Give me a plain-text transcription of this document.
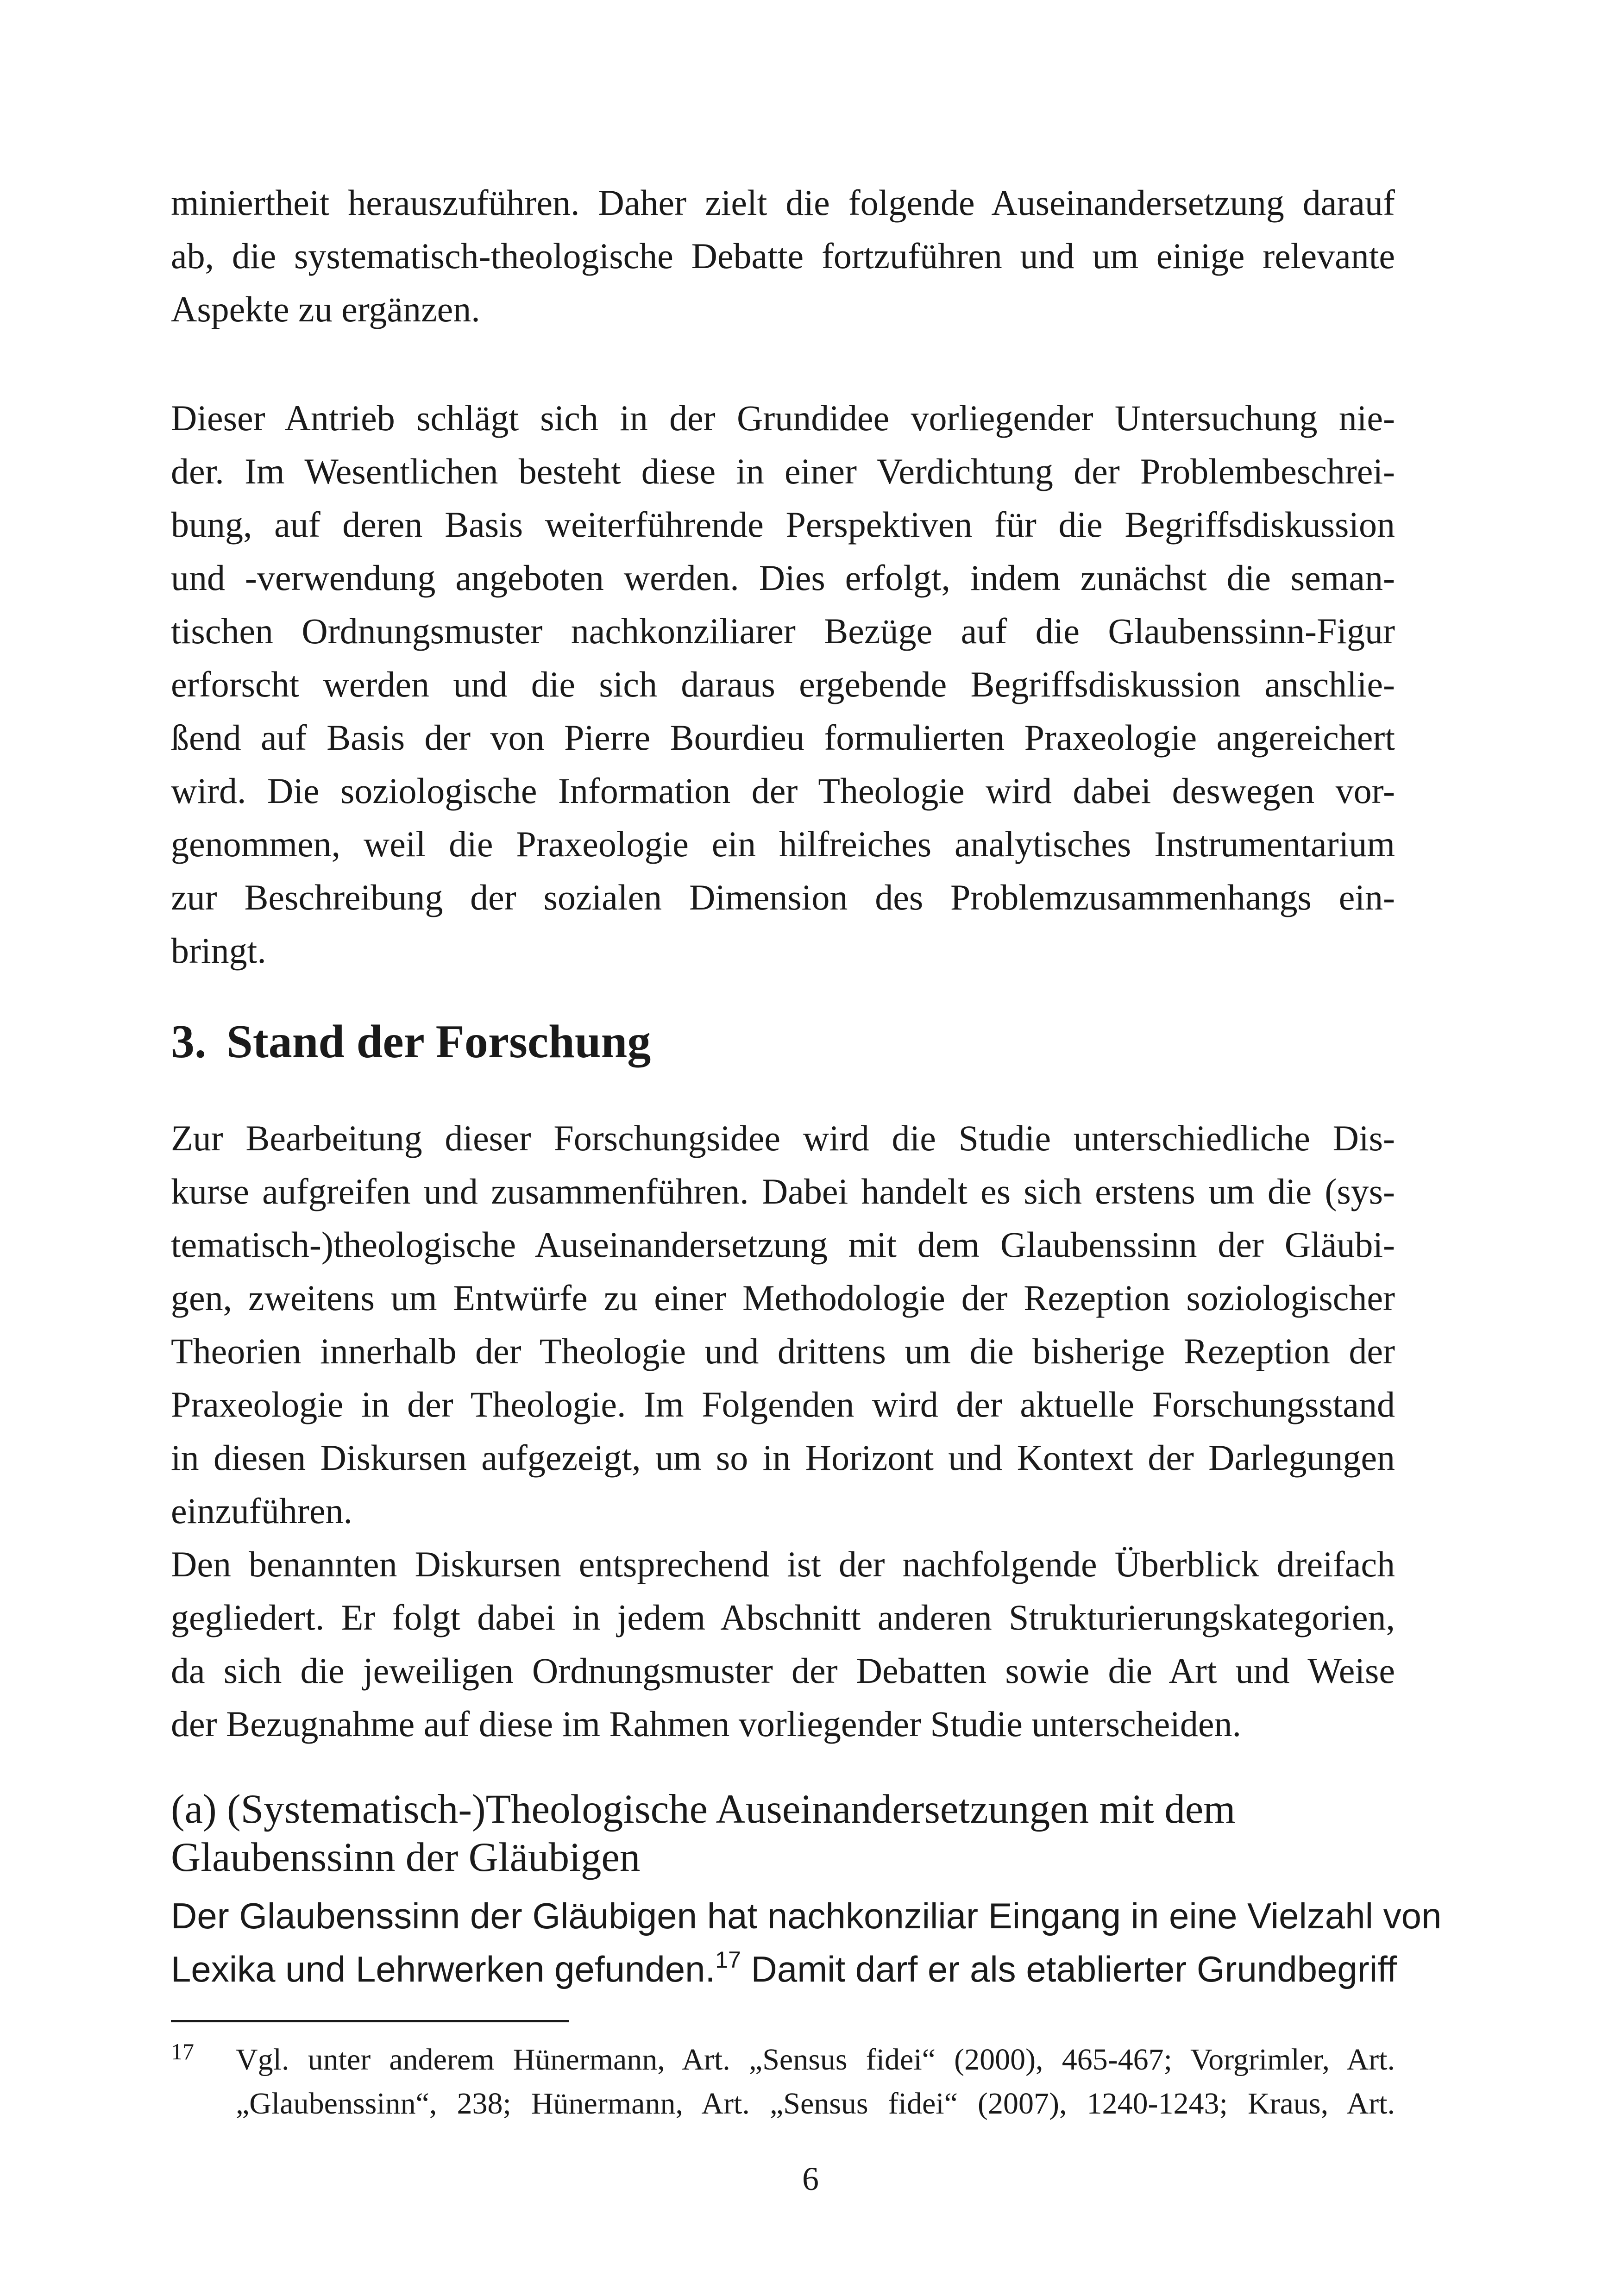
miniertheit herauszuführen. Daher zielt die folgende Auseinandersetzung darauf
ab, die systematisch-theologische Debatte fortzuführen und um einige relevante
Aspekte zu ergänzen.
Dieser Antrieb schlägt sich in der Grundidee vorliegender Untersuchung nie-
der. Im Wesentlichen besteht diese in einer Verdichtung der Problembeschrei-
bung, auf deren Basis weiterführende Perspektiven für die Begriffsdiskussion
und -verwendung angeboten werden. Dies erfolgt, indem zunächst die seman-
tischen Ordnungsmuster nachkonziliarer Bezüge auf die Glaubenssinn-Figur
erforscht werden und die sich daraus ergebende Begriffsdiskussion anschlie-
ßend auf Basis der von Pierre Bourdieu formulierten Praxeologie angereichert
wird. Die soziologische Information der Theologie wird dabei deswegen vor-
genommen, weil die Praxeologie ein hilfreiches analytisches Instrumentarium
zur Beschreibung der sozialen Dimension des Problemzusammenhangs ein-
bringt.
3. Stand der Forschung
Zur Bearbeitung dieser Forschungsidee wird die Studie unterschiedliche Dis-
kurse aufgreifen und zusammenführen. Dabei handelt es sich erstens um die (sys-
tematisch-)theologische Auseinandersetzung mit dem Glaubenssinn der Gläubi-
gen, zweitens um Entwürfe zu einer Methodologie der Rezeption soziologischer
Theorien innerhalb der Theologie und drittens um die bisherige Rezeption der
Praxeologie in der Theologie. Im Folgenden wird der aktuelle Forschungsstand
in diesen Diskursen aufgezeigt, um so in Horizont und Kontext der Darlegungen
einzuführen.
Den benannten Diskursen entsprechend ist der nachfolgende Überblick dreifach
gegliedert. Er folgt dabei in jedem Abschnitt anderen Strukturierungskategorien,
da sich die jeweiligen Ordnungsmuster der Debatten sowie die Art und Weise
der Bezugnahme auf diese im Rahmen vorliegender Studie unterscheiden.
(a) (Systematisch-)Theologische Auseinandersetzungen mit dem
Glaubenssinn der Gläubigen
Der Glaubenssinn der Gläubigen hat nachkonziliar Eingang in eine Vielzahl von
Lexika und Lehrwerken gefunden.$^{17}$ Damit darf er als etablierter Grundbegriff
17 Vgl. unter anderem Hünermann, Art. „Sensus fidei“ (2000), 465-467; Vorgrimler, Art.
„Glaubenssinn“, 238; Hünermann, Art. „Sensus fidei“ (2007), 1240-1243; Kraus, Art.
6
